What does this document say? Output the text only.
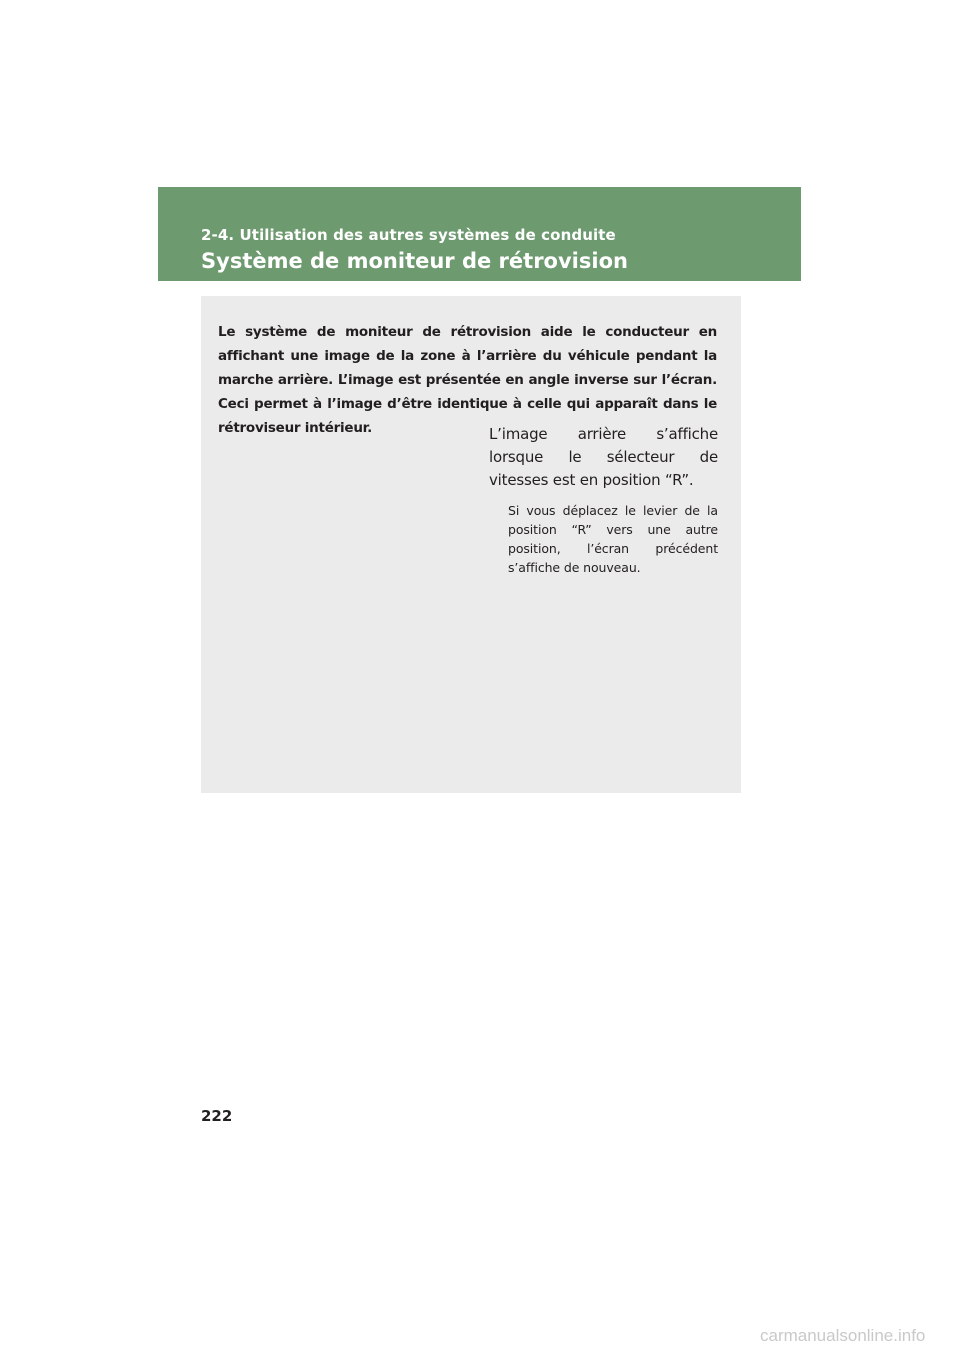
2-4. Utilisation des autres systèmes de conduite
Système de moniteur de rétrovision

Le système de moniteur de rétrovision aide le conducteur en affichant une image de la zone à l’arrière du véhicule pendant la marche arrière. L’image est présentée en angle inverse sur l’écran. Ceci permet à l’image d’être identique à celle qui apparaît dans le rétroviseur intérieur.	L’image arrière s’affiche lorsque le sélecteur de vitesses est en position “R”.

Si vous déplacez le levier de la position “R” vers une autre position, l’écran précédent s’affiche de nouveau.

222
carmanualsonline.info
